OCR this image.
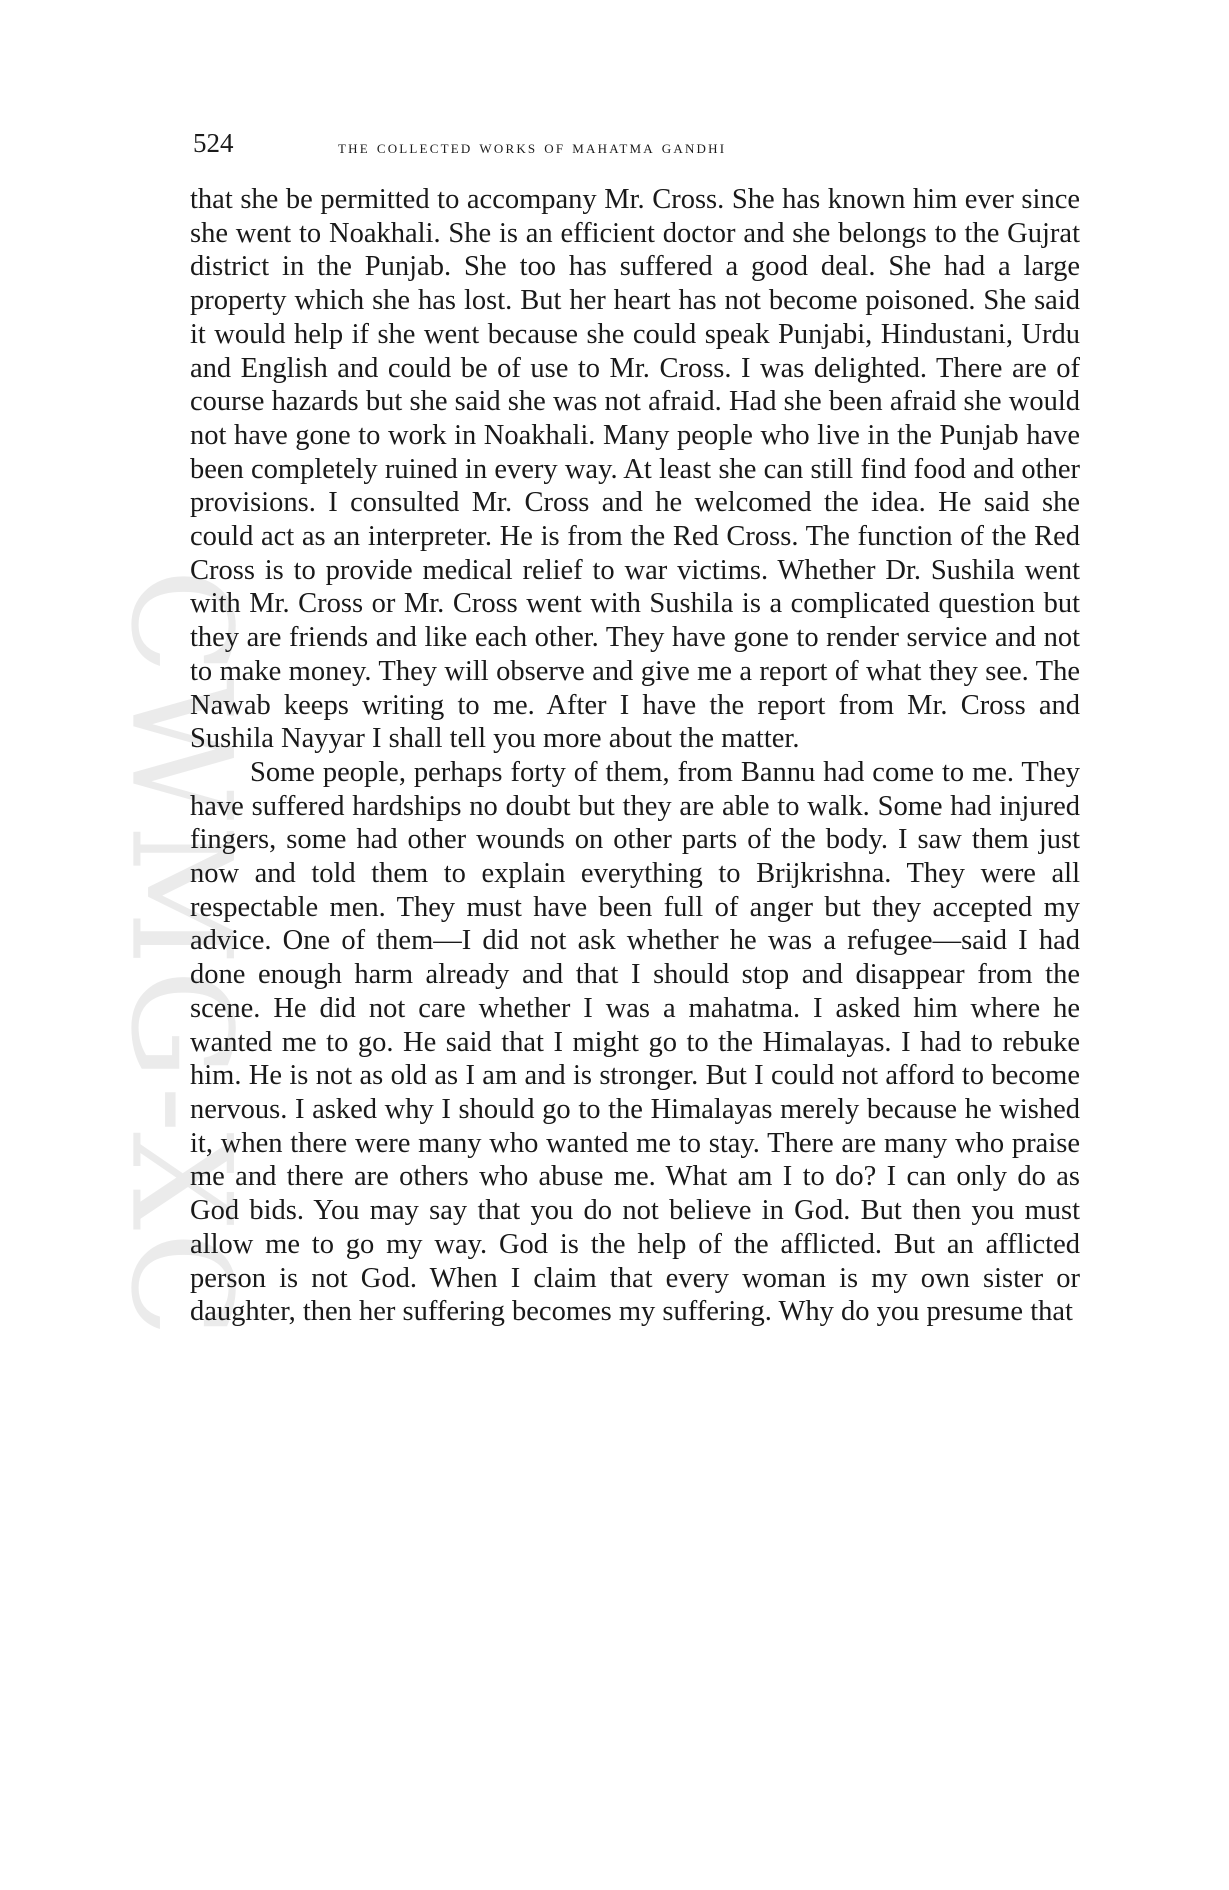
CWMG-XC
524	the collected works of mahatma gandhi

that she be permitted to accompany Mr. Cross. She has known him ever since she went to Noakhali. She is an efficient doctor and she belongs to the Gujrat district in the Punjab. She too has suffered a good deal. She had a large property which she has lost. But her heart has not become poisoned. She said it would help if she went because she could speak Punjabi, Hindustani, Urdu and English and could be of use to Mr. Cross. I was delighted. There are of course hazards but she said she was not afraid. Had she been afraid she would not have gone to work in Noakhali. Many people who live in the Punjab have been completely ruined in every way. At least she can still find food and other provisions. I consulted Mr. Cross and he welcomed the idea. He said she could act as an interpreter. He is from the Red Cross. The function of the Red Cross is to provide medical relief to war victims. Whether Dr. Sushila went with Mr. Cross or Mr. Cross went with Sushila is a complicated question but they are friends and like each other. They have gone to render service and not to make money. They will observe and give me a report of what they see. The Nawab keeps writing to me. After I have the report from Mr. Cross and Sushila Nayyar I shall tell you more about the matter.

Some people, perhaps forty of them, from Bannu had come to me. They have suffered hardships no doubt but they are able to walk. Some had injured fingers, some had other wounds on other parts of the body. I saw them just now and told them to explain everything to Brijkrishna. They were all respectable men. They must have been full of anger but they accepted my advice. One of them—I did not ask whether he was a refugee—said I had done enough harm already and that I should stop and disappear from the scene. He did not care whether I was a mahatma. I asked him where he wanted me to go. He said that I might go to the Himalayas. I had to rebuke him. He is not as old as I am and is stronger. But I could not afford to become nervous. I asked why I should go to the Himalayas merely because he wished it, when there were many who wanted me to stay. There are many who praise me and there are others who abuse me. What am I to do? I can only do as God bids. You may say that you do not believe in God. But then you must allow me to go my way. God is the help of the afflicted. But an afflicted person is not God. When I claim that every woman is my own sister or daughter, then her suffering becomes my suffering. Why do you presume that
